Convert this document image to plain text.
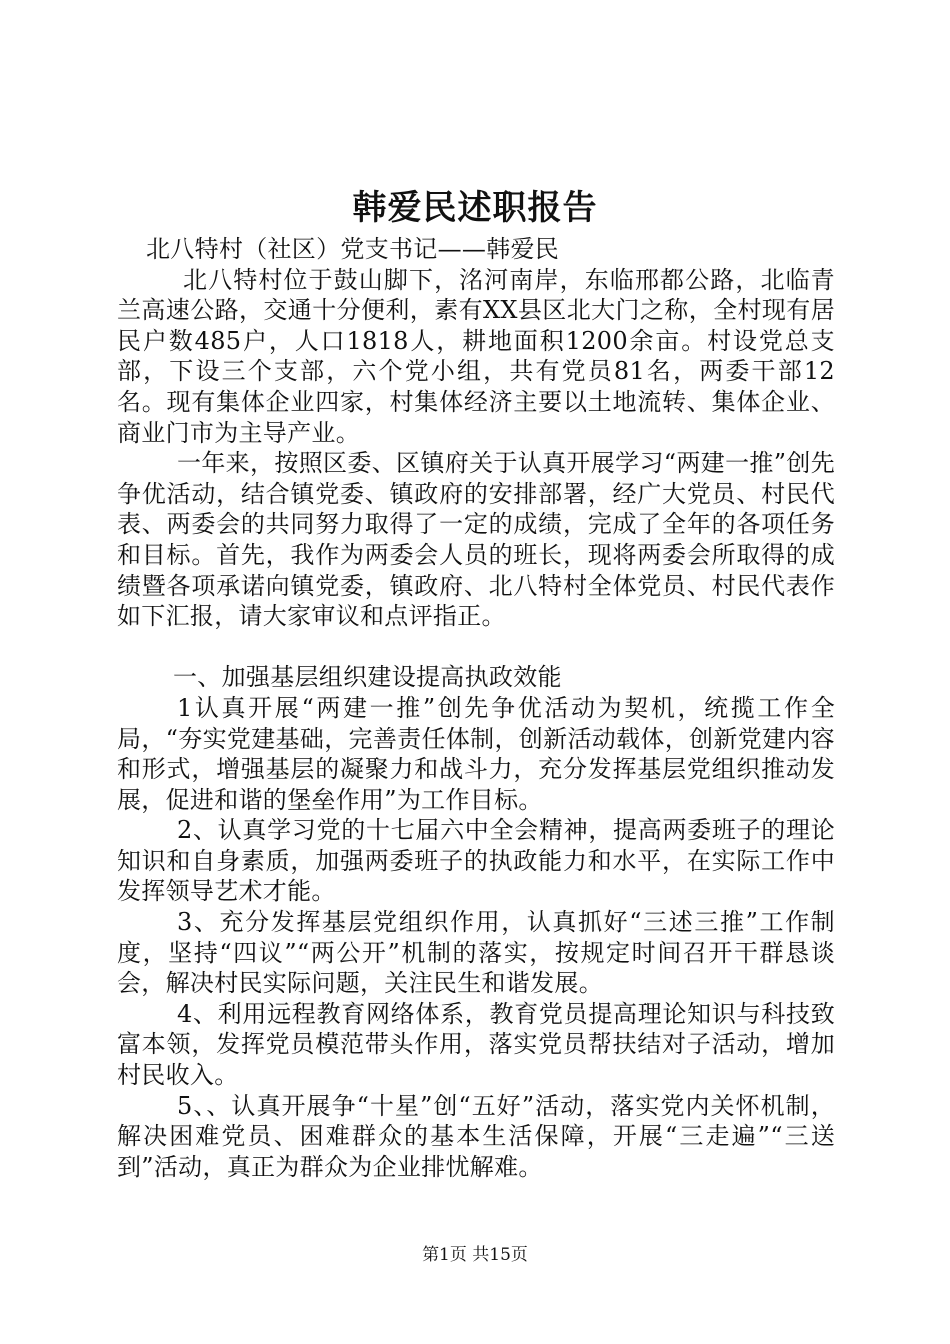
韩爱民述职报告

北八特村（社区）党支书记——韩爱民

北八特村位于鼓山脚下，洺河南岸，东临邢都公路，北临青兰高速公路，交通十分便利，素有XX县区北大门之称，全村现有居民户数485户，人口1818人，耕地面积1200余亩。村设党总支部，下设三个支部，六个党小组，共有党员81名，两委干部12名。现有集体企业四家，村集体经济主要以土地流转、集体企业、商业门市为主导产业。

一年来，按照区委、区镇府关于认真开展学习“两建一推”创先争优活动，结合镇党委、镇政府的安排部署，经广大党员、村民代表、两委会的共同努力取得了一定的成绩，完成了全年的各项任务和目标。首先，我作为两委会人员的班长，现将两委会所取得的成绩暨各项承诺向镇党委，镇政府、北八特村全体党员、村民代表作如下汇报，请大家审议和点评指正。

一、加强基层组织建设提高执政效能

1认真开展“两建一推”创先争优活动为契机，统揽工作全局，“夯实党建基础，完善责任体制，创新活动载体，创新党建内容和形式，增强基层的凝聚力和战斗力，充分发挥基层党组织推动发展，促进和谐的堡垒作用”为工作目标。

2、认真学习党的十七届六中全会精神，提高两委班子的理论知识和自身素质，加强两委班子的执政能力和水平，在实际工作中发挥领导艺术才能。

3、充分发挥基层党组织作用，认真抓好“三述三推”工作制度，坚持“四议”“两公开”机制的落实，按规定时间召开干群恳谈会，解决村民实际问题，关注民生和谐发展。

4、利用远程教育网络体系，教育党员提高理论知识与科技致富本领，发挥党员模范带头作用，落实党员帮扶结对子活动，增加村民收入。

5、、认真开展争“十星”创“五好”活动，落实党内关怀机制，解决困难党员、困难群众的基本生活保障，开展“三走遍”“三送到”活动，真正为群众为企业排忧解难。

第1页 共15页
